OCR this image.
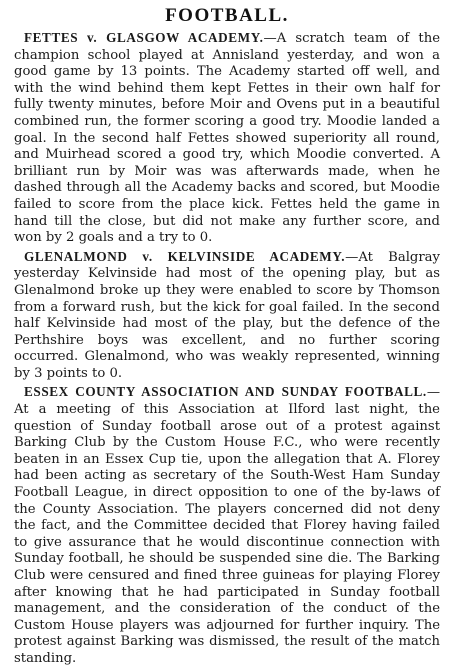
FOOTBALL.

FETTES v. GLASGOW ACADEMY.—A scratch team of the champion school played at Annisland yesterday, and won a good game by 13 points. The Academy started off well, and with the wind behind them kept Fettes in their own half for fully twenty minutes, before Moir and Ovens put in a beautiful combined run, the former scoring a good try. Moodie landed a goal. In the second half Fettes showed superiority all round, and Muirhead scored a good try, which Moodie converted. A brilliant run by Moir was was afterwards made, when he dashed through all the Academy backs and scored, but Moodie failed to score from the place kick. Fettes held the game in hand till the close, but did not make any further score, and won by 2 goals and a try to 0.

GLENALMOND v. KELVINSIDE ACADEMY.—At Balgray yesterday Kelvinside had most of the opening play, but as Glenalmond broke up they were enabled to score by Thomson from a forward rush, but the kick for goal failed. In the second half Kelvinside had most of the play, but the defence of the Perthshire boys was excellent, and no further scoring occurred. Glenalmond, who was weakly represented, winning by 3 points to 0.

ESSEX COUNTY ASSOCIATION AND SUNDAY FOOTBALL.—At a meeting of this Association at Ilford last night, the question of Sunday football arose out of a protest against Barking Club by the Custom House F.C., who were recently beaten in an Essex Cup tie, upon the allegation that A. Florey had been acting as secretary of the South-West Ham Sunday Football League, in direct opposition to one of the by-laws of the County Association. The players concerned did not deny the fact, and the Committee decided that Florey having failed to give assurance that he would discontinue connection with Sunday football, he should be suspended sine die. The Barking Club were censured and fined three guineas for playing Florey after knowing that he had participated in Sunday football management, and the consideration of the conduct of the Custom House players was adjourned for further inquiry. The protest against Barking was dismissed, the result of the match standing.
